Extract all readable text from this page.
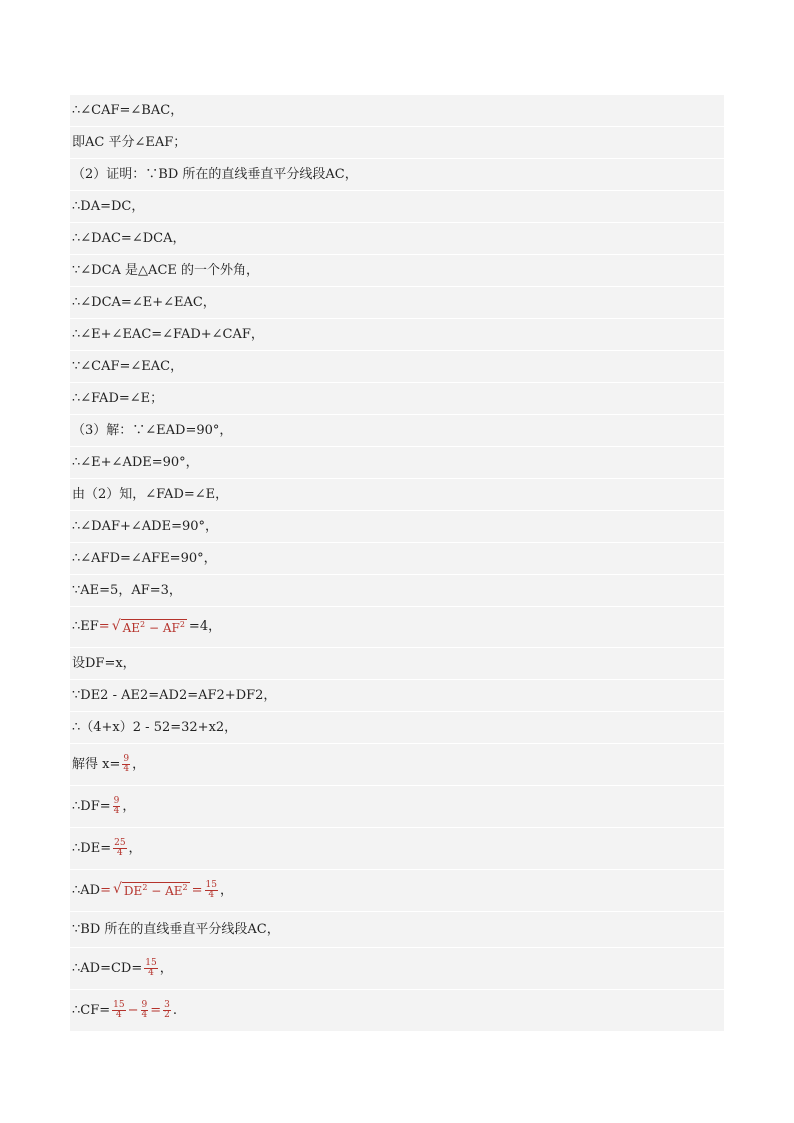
∴∠CAF=∠BAC，
即AC 平分∠EAF；
（2）证明：∵BD 所在的直线垂直平分线段AC，
∴DA=DC，
∴∠DAC=∠DCA，
∵∠DCA 是△ACE 的一个外角，
∴∠DCA=∠E+∠EAC，
∴∠E+∠EAC=∠FAD+∠CAF，
∵∠CAF=∠EAC，
∴∠FAD=∠E；
（3）解：∵∠EAD=90°，
∴∠E+∠ADE=90°，
由（2）知，∠FAD=∠E，
∴∠DAF+∠ADE=90°，
∴∠AFD=∠AFE=90°，
∵AE=5，AF=3，
∴EF = √ $AE^2 - AF^2 =4$，
设DF=x，
∵DE2 - AE2=AD2=AF2+DF2，
∴（4+x）2 - 52=32+x2，
解得 $x = \frac{9}{4}$ ，
∴DF = $\frac{9}{4}$ ，
∴DE = $\frac{25}{4}$ ，
∴AD = √ $DE^2 - AE^2 = \frac{15}{4}$ ，
∵BD 所在的直线垂直平分线段AC，
∴AD=CD = $\frac{15}{4}$ ，
∴CF = $\frac{15}{4} - \frac{9}{4} = \frac{3}{2}$ .
